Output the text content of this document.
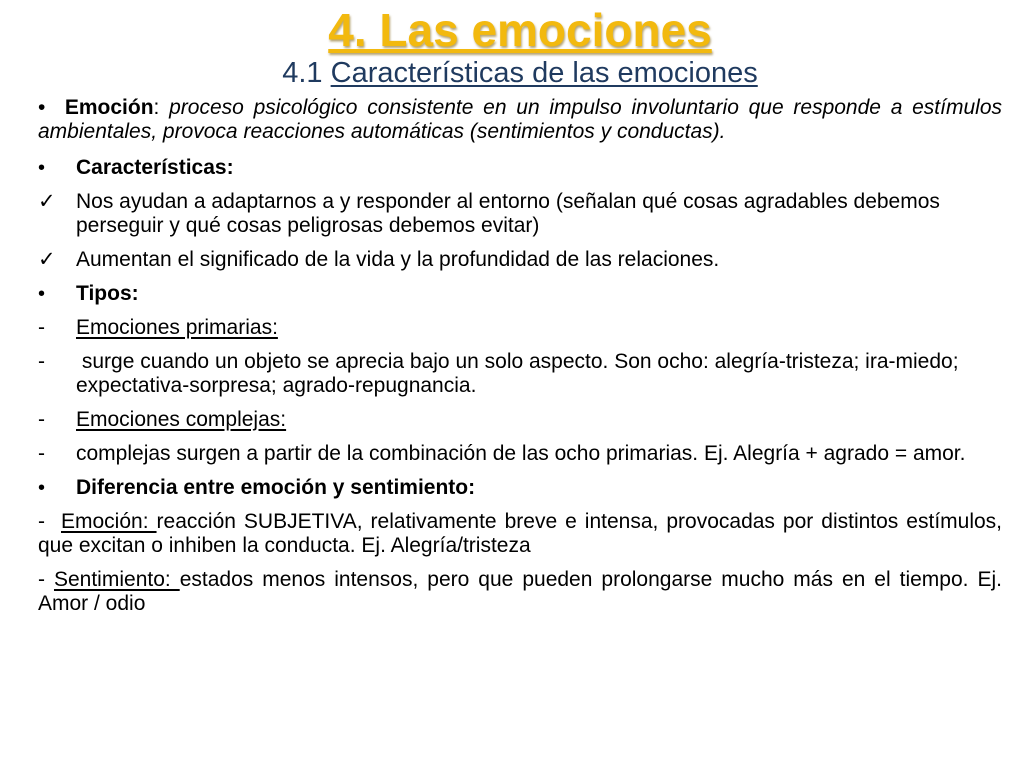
4. Las emociones
4.1 Características de las emociones

• Emoción: proceso psicológico consistente en un impulso involuntario que responde a estímulos ambientales, provoca reacciones automáticas (sentimientos y conductas).

•	Características:
✓ Nos ayudan a adaptarnos a y responder al entorno (señalan qué cosas agradables debemos perseguir y qué cosas peligrosas debemos evitar)
✓ Aumentan el significado de la vida y la profundidad de las relaciones.
•	Tipos:
-	Emociones primarias:
-	surge cuando un objeto se aprecia bajo un solo aspecto. Son ocho: alegría-tristeza; ira-miedo; expectativa-sorpresa; agrado-repugnancia.
-	Emociones complejas:
-	complejas surgen a partir de la combinación de las ocho primarias. Ej. Alegría + agrado = amor.
•	Diferencia entre emoción y sentimiento:

-  Emoción: reacción SUBJETIVA, relativamente breve e intensa, provocadas por distintos estímulos, que excitan o inhiben la conducta. Ej. Alegría/tristeza

- Sentimiento: estados menos intensos, pero que pueden prolongarse mucho más en el tiempo. Ej. Amor / odio
